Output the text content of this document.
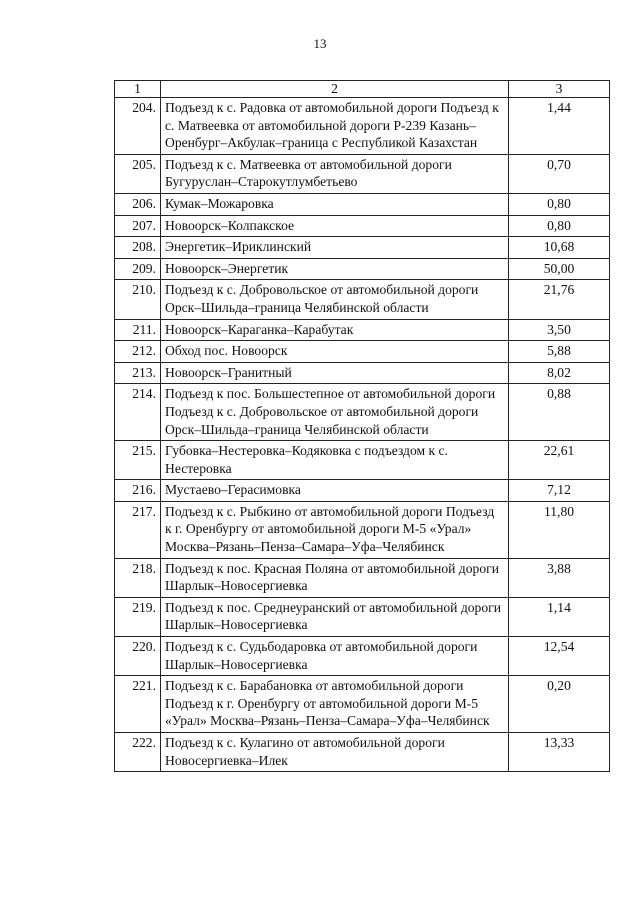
13
1	2	3
204.	Подъезд к с. Радовка от автомобильной дороги Подъезд к с. Матвеевка от автомобильной дороги Р-239 Казань–Оренбург–Акбулак–граница с Республикой Казахстан	1,44
205.	Подъезд к с. Матвеевка от автомобильной дороги Бугуруслан–Старокутлумбетьево	0,70
206.	Кумак–Можаровка	0,80
207.	Новоорск–Колпакское	0,80
208.	Энергетик–Ириклинский	10,68
209.	Новоорск–Энергетик	50,00
210.	Подъезд к с. Добровольское от автомобильной дороги Орск–Шильда–граница Челябинской области	21,76
211.	Новоорск–Караганка–Карабутак	3,50
212.	Обход пос. Новоорск	5,88
213.	Новоорск–Гранитный	8,02
214.	Подъезд к пос. Большестепное от автомобильной дороги Подъезд к с. Добровольское от автомобильной дороги Орск–Шильда–граница Челябинской области	0,88
215.	Губовка–Нестеровка–Кодяковка с подъездом к с. Нестеровка	22,61
216.	Мустаево–Герасимовка	7,12
217.	Подъезд к с. Рыбкино от автомобильной дороги Подъезд к г. Оренбургу от автомобильной дороги М-5 «Урал» Москва–Рязань–Пенза–Самара–Уфа–Челябинск	11,80
218.	Подъезд к пос. Красная Поляна от автомобильной дороги Шарлык–Новосергиевка	3,88
219.	Подъезд к пос. Среднеуранский от автомобильной дороги Шарлык–Новосергиевка	1,14
220.	Подъезд к с. Судьбодаровка от автомобильной дороги Шарлык–Новосергиевка	12,54
221.	Подъезд к с. Барабановка от автомобильной дороги Подъезд к г. Оренбургу от автомобильной дороги М-5 «Урал» Москва–Рязань–Пенза–Самара–Уфа–Челябинск	0,20
222.	Подъезд к с. Кулагино от автомобильной дороги Новосергиевка–Илек	13,33
